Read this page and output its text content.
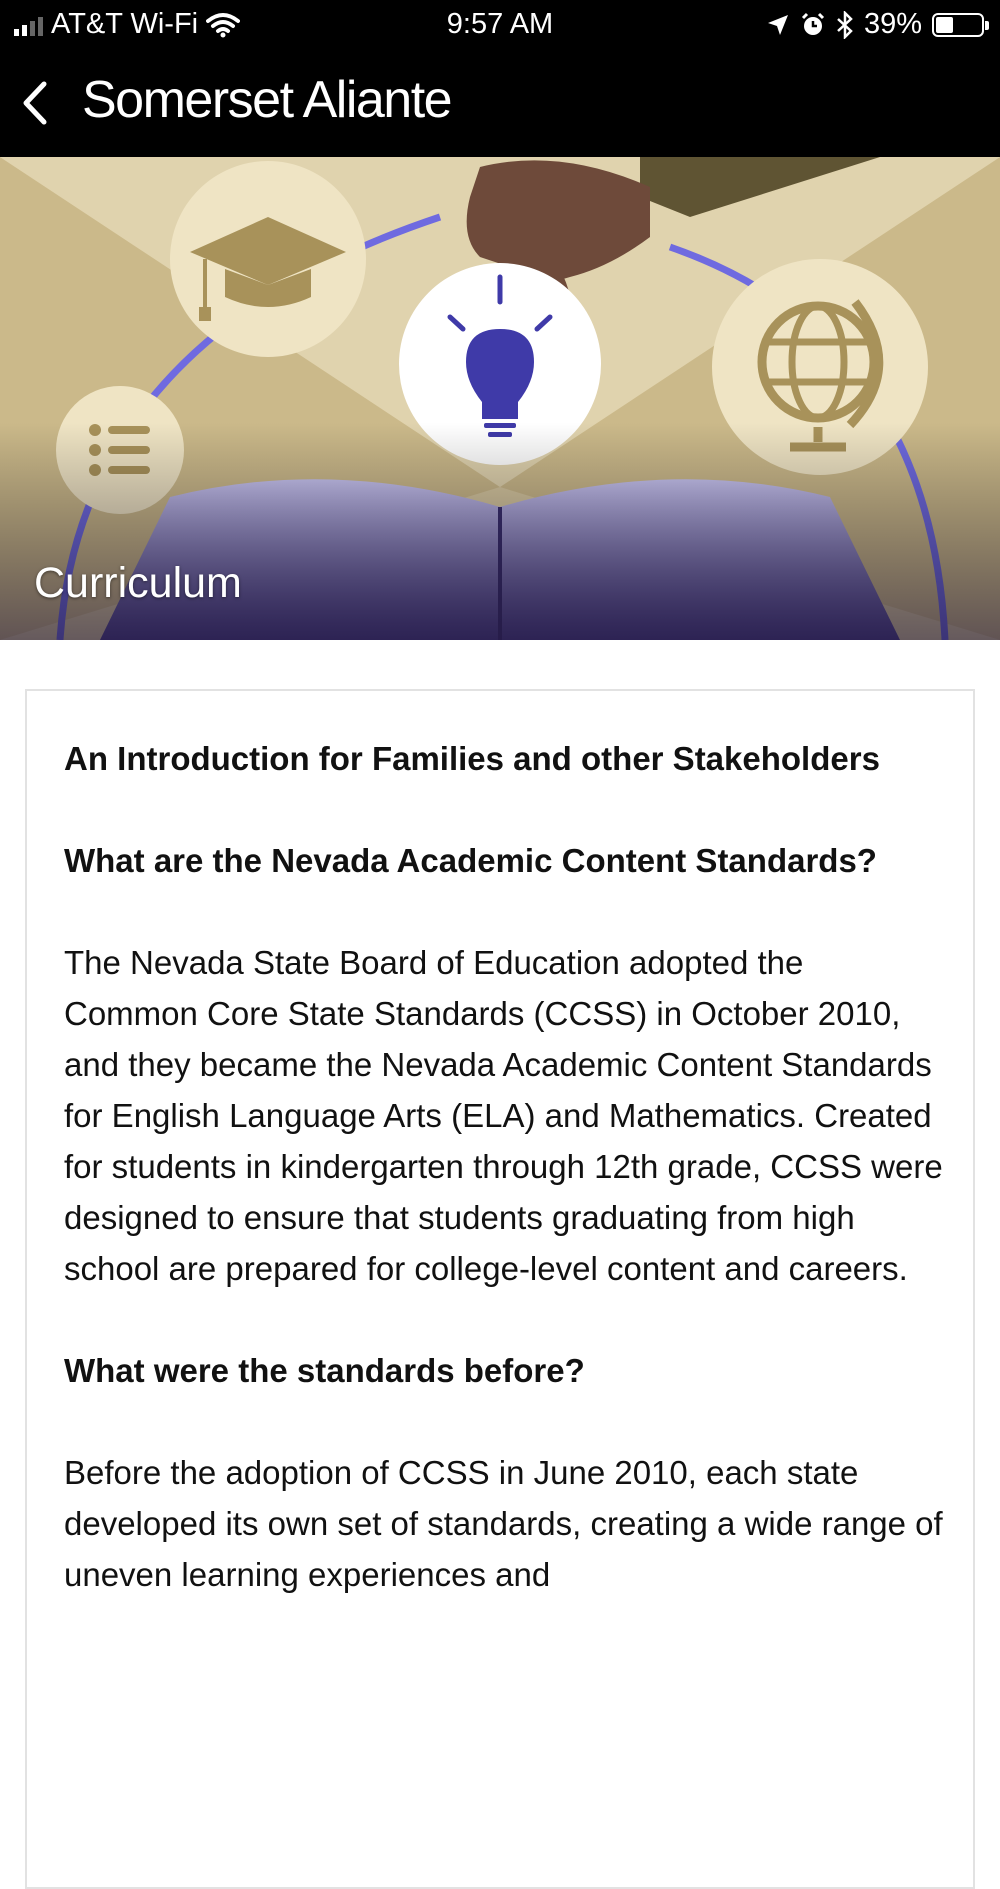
AT&T Wi-Fi	9:57 AM	39%
Somerset Aliante
Curriculum
An Introduction for Families and other Stakeholders
What are the Nevada Academic Content Standards?
The Nevada State Board of Education adopted the Common Core State Standards (CCSS) in October 2010, and they became the Nevada Academic Content Standards for English Language Arts (ELA) and Mathematics. Created for students in kindergarten through 12th grade, CCSS were designed to ensure that students graduating from high school are prepared for college-level content and careers.
What were the standards before?
Before the adoption of CCSS in June 2010, each state developed its own set of standards, creating a wide range of uneven learning experiences and
